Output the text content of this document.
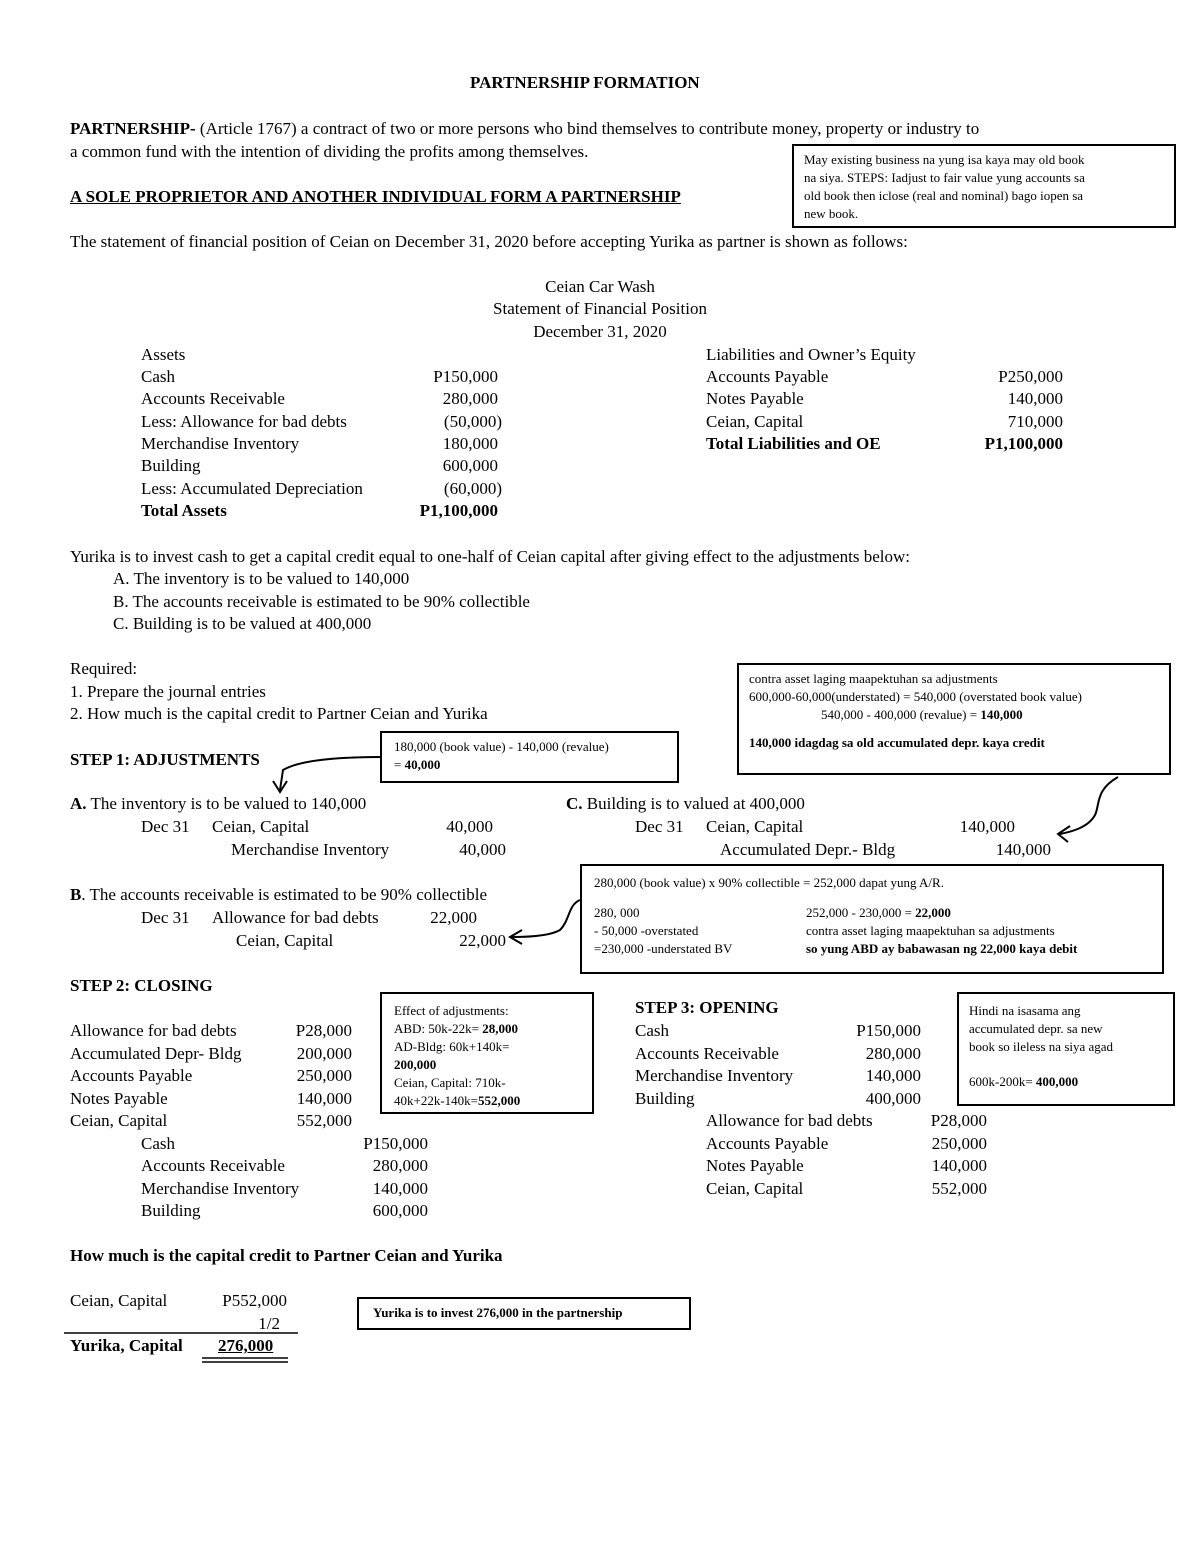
PARTNERSHIP FORMATION
PARTNERSHIP- (Article 1767) a contract of two or more persons who bind themselves to contribute money, property or industry to
a common fund with the intention of dividing the profits among themselves.
A SOLE PROPRIETOR AND ANOTHER INDIVIDUAL FORM A PARTNERSHIP
May existing business na yung isa kaya may old book
na siya. STEPS: Iadjust to fair value yung accounts sa
old book then iclose (real and nominal) bago iopen sa
new book.
The statement of financial position of Ceian on December 31, 2020 before accepting Yurika as partner is shown as follows:
Ceian Car Wash
Statement of Financial Position
December 31, 2020
Assets
Cash	P150,000
Accounts Receivable	280,000
Less: Allowance for bad debts	(50,000)
Merchandise Inventory	180,000
Building	600,000
Less: Accumulated Depreciation	(60,000)
Total Assets	P1,100,000
Liabilities and Owner’s Equity
Accounts Payable	P250,000
Notes Payable	140,000
Ceian, Capital	710,000
Total Liabilities and OE	P1,100,000
Yurika is to invest cash to get a capital credit equal to one-half of Ceian capital after giving effect to the adjustments below:
A. The inventory is to be valued to 140,000
B. The accounts receivable is estimated to be 90% collectible
C. Building is to be valued at 400,000
Required:
1. Prepare the journal entries
2. How much is the capital credit to Partner Ceian and Yurika
contra asset laging maapektuhan sa adjustments
600,000-60,000(understated) = 540,000 (overstated book value)
540,000 - 400,000 (revalue) = 140,000
140,000 idagdag sa old accumulated depr. kaya credit
STEP 1: ADJUSTMENTS
180,000 (book value) - 140,000 (revalue)
= 40,000
A. The inventory is to be valued to 140,000
Dec 31 Ceian, Capital	40,000
Merchandise Inventory	40,000
C. Building is to valued at 400,000
Dec 31 Ceian, Capital	140,000
Accumulated Depr.- Bldg	140,000
280,000 (book value) x 90% collectible = 252,000 dapat yung A/R.
280, 000	252,000 - 230,000 = 22,000
- 50,000 -overstated	contra asset laging maapektuhan sa adjustments
=230,000 -understated BV	so yung ABD ay babawasan ng 22,000 kaya debit
B. The accounts receivable is estimated to be 90% collectible
Dec 31 Allowance for bad debts	22,000
Ceian, Capital	22,000
STEP 2: CLOSING
Allowance for bad debts	P28,000
Accumulated Depr- Bldg	200,000
Accounts Payable	250,000
Notes Payable	140,000
Ceian, Capital	552,000
Cash	P150,000
Accounts Receivable	280,000
Merchandise Inventory	140,000
Building	600,000
Effect of adjustments:
ABD: 50k-22k= 28,000
AD-Bldg: 60k+140k=
200,000
Ceian, Capital: 710k-
40k+22k-140k=552,000
STEP 3: OPENING
Cash	P150,000
Accounts Receivable	280,000
Merchandise Inventory	140,000
Building	400,000
Allowance for bad debts	P28,000
Accounts Payable	250,000
Notes Payable	140,000
Ceian, Capital	552,000
Hindi na isasama ang
accumulated depr. sa new
book so ileless na siya agad
600k-200k= 400,000
How much is the capital credit to Partner Ceian and Yurika
Ceian, Capital	P552,000
1/2
Yurika, Capital 276,000
Yurika is to invest 276,000 in the partnership
